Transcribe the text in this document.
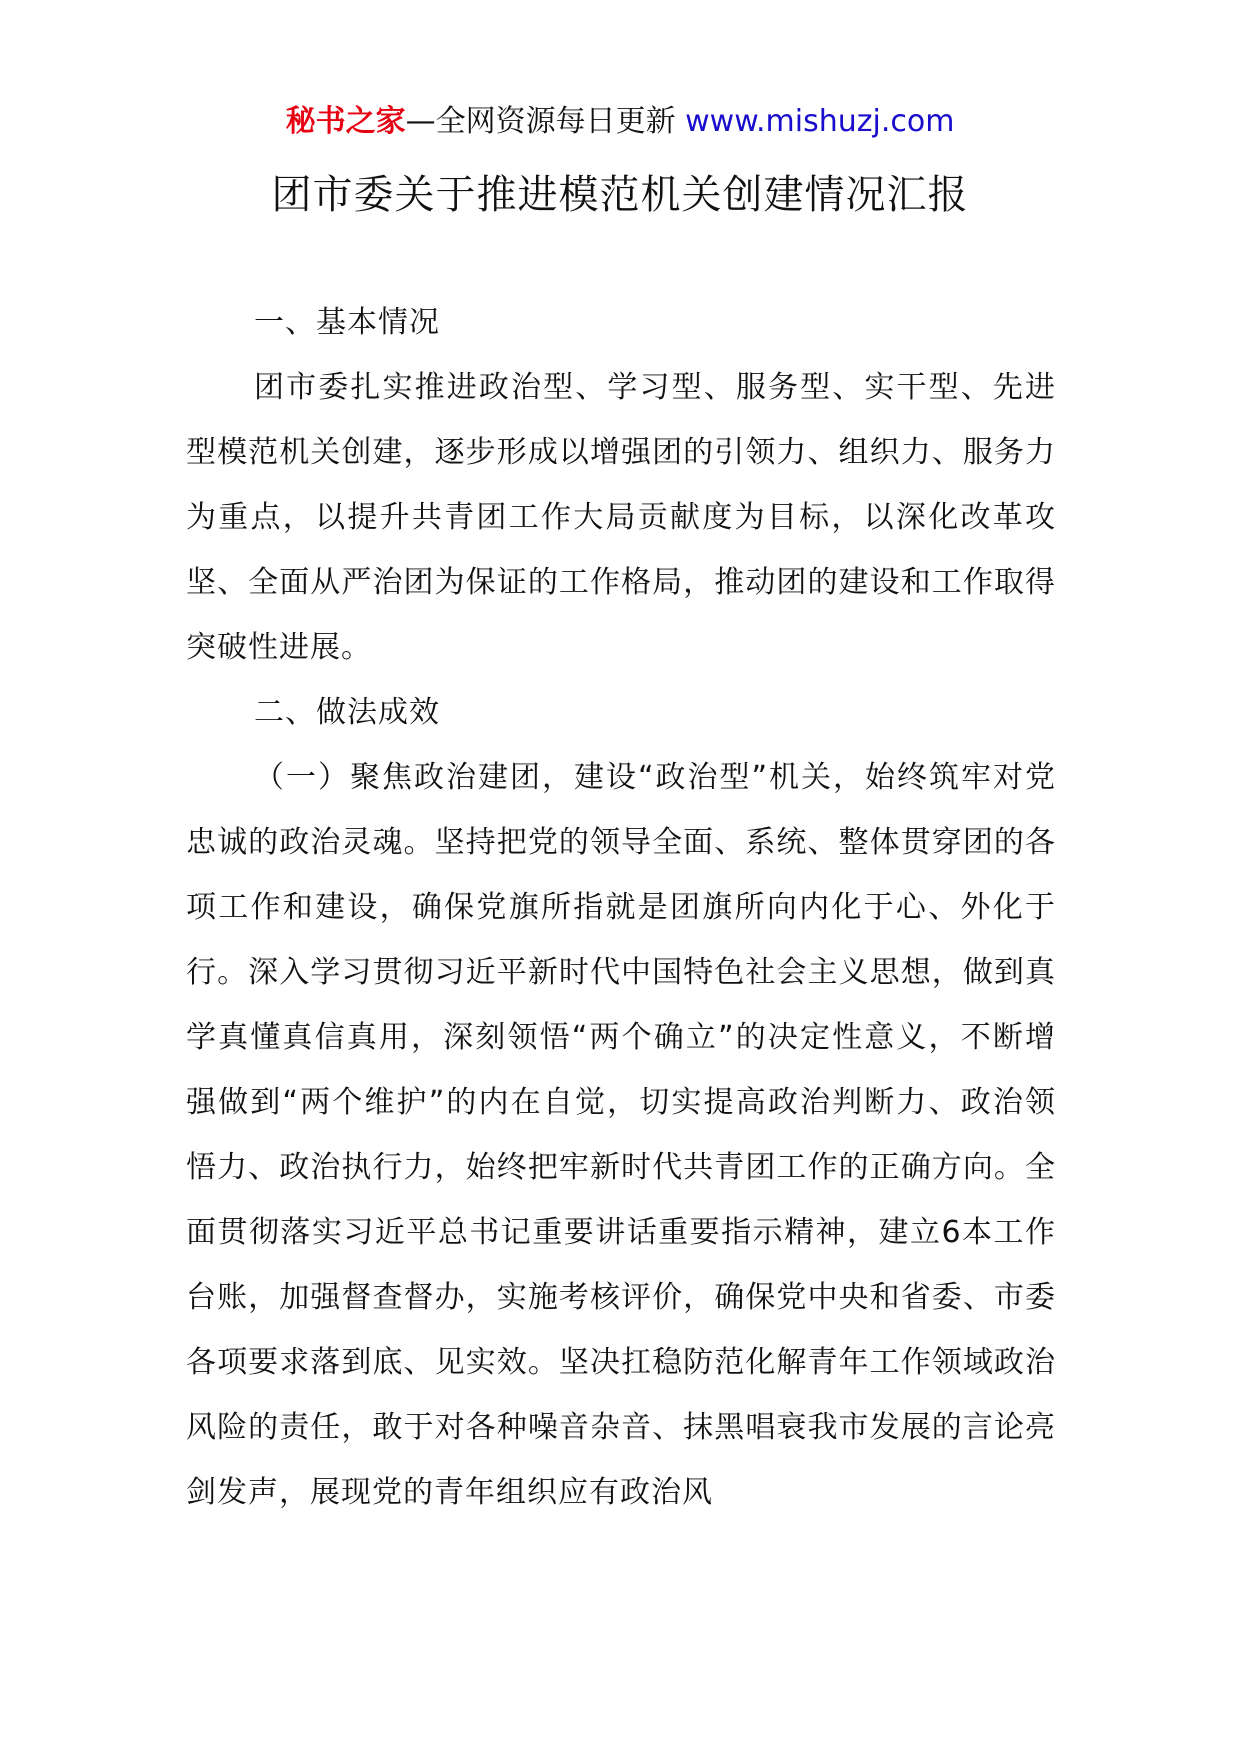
秘书之家—全网资源每日更新 www.mishuzj.com
团市委关于推进模范机关创建情况汇报

一、基本情况

团市委扎实推进政治型、学习型、服务型、实干型、先进型模范机关创建，逐步形成以增强团的引领力、组织力、服务力为重点，以提升共青团工作大局贡献度为目标，以深化改革攻坚、全面从严治团为保证的工作格局，推动团的建设和工作取得突破性进展。

二、做法成效

（一）聚焦政治建团，建设“政治型”机关，始终筑牢对党忠诚的政治灵魂。坚持把党的领导全面、系统、整体贯穿团的各项工作和建设，确保党旗所指就是团旗所向内化于心、外化于行。深入学习贯彻习近平新时代中国特色社会主义思想，做到真学真懂真信真用，深刻领悟“两个确立”的决定性意义，不断增强做到“两个维护”的内在自觉，切实提高政治判断力、政治领悟力、政治执行力，始终把牢新时代共青团工作的正确方向。全面贯彻落实习近平总书记重要讲话重要指示精神，建立6本工作台账，加强督查督办，实施考核评价，确保党中央和省委、市委各项要求落到底、见实效。坚决扛稳防范化解青年工作领域政治风险的责任，敢于对各种噪音杂音、抹黑唱衰我市发展的言论亮剑发声，展现党的青年组织应有政治风
